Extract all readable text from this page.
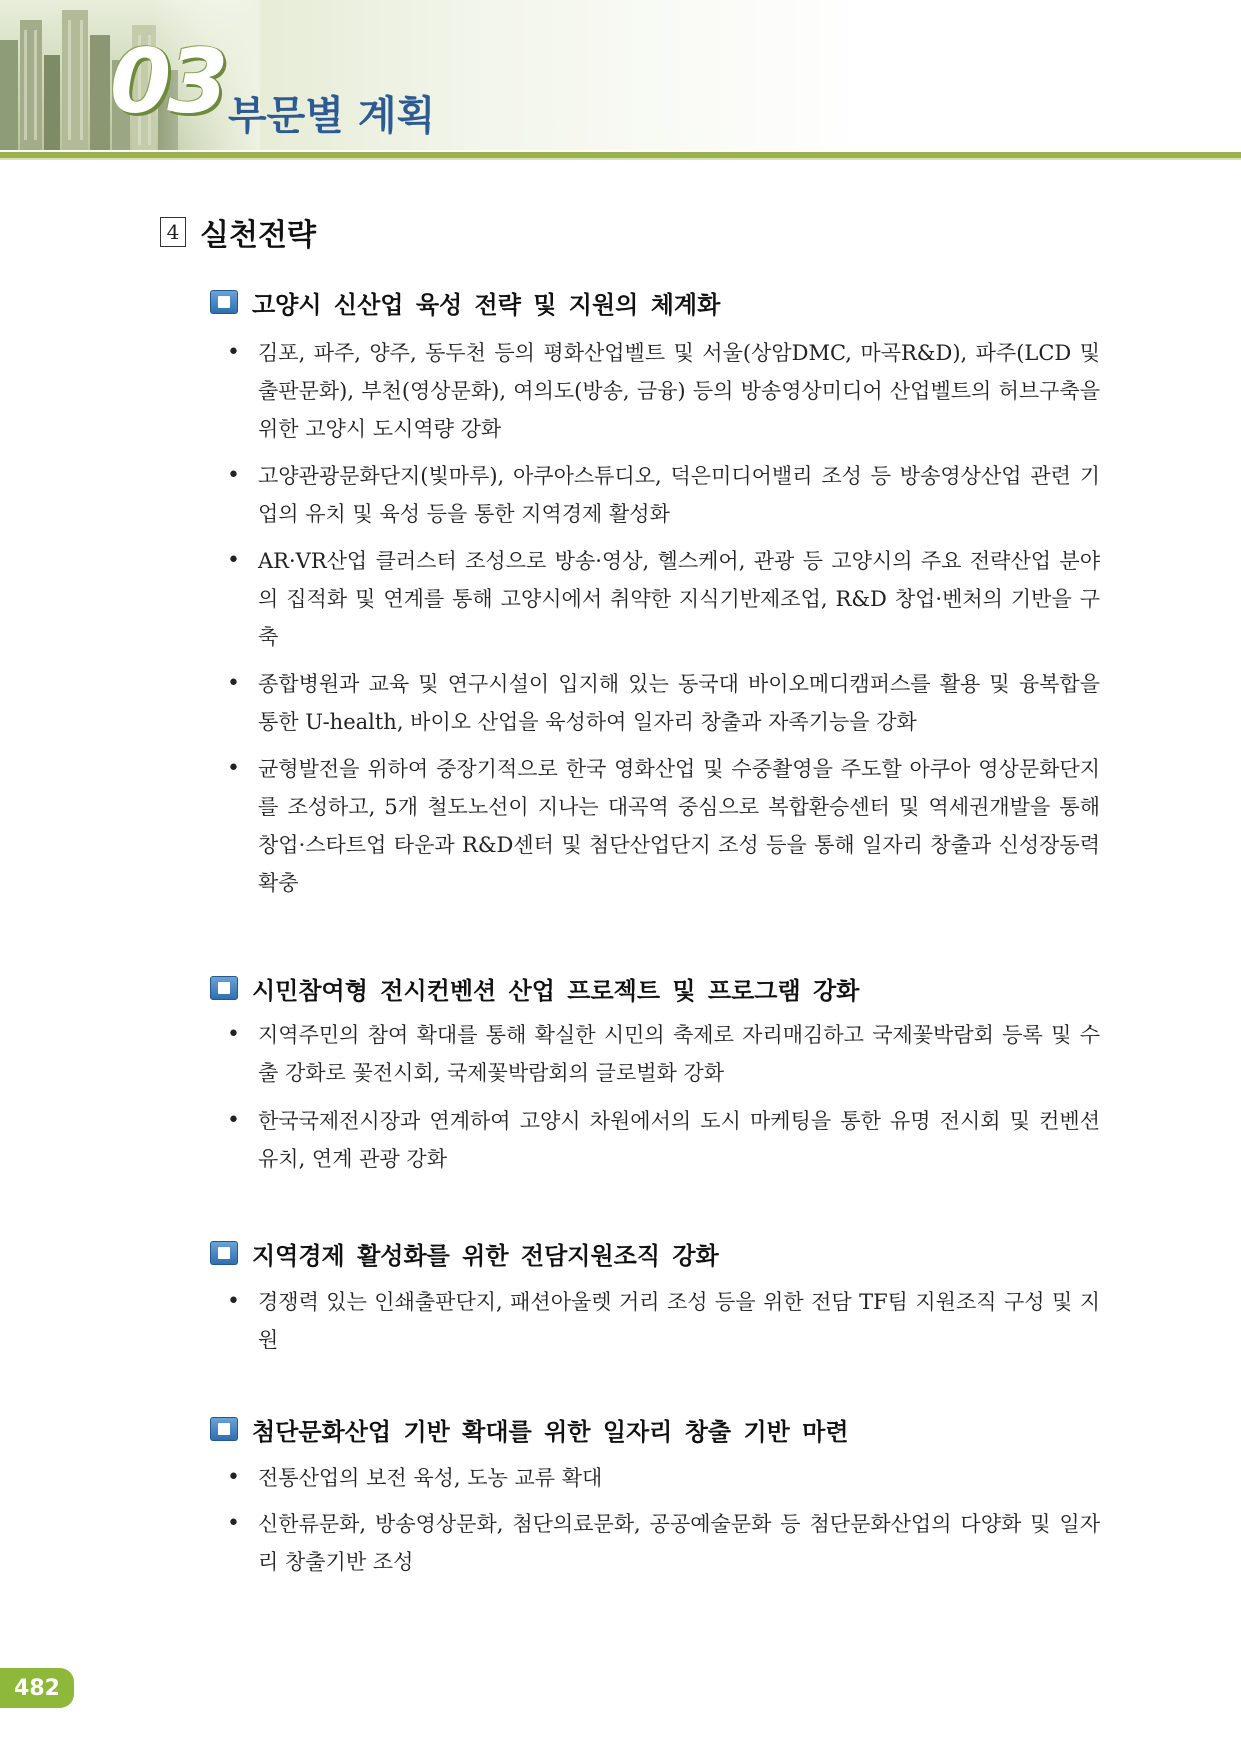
03 부문별 계획
4 실천전략
고양시 신산업 육성 전략 및 지원의 체계화
• 김포, 파주, 양주, 동두천 등의 평화산업벨트 및 서울(상암DMC, 마곡R&D), 파주(LCD 및 출판문화), 부천(영상문화), 여의도(방송, 금융) 등의 방송영상미디어 산업벨트의 허브구축을 위한 고양시 도시역량 강화
• 고양관광문화단지(빛마루), 아쿠아스튜디오, 덕은미디어밸리 조성 등 방송영상산업 관련 기업의 유치 및 육성 등을 통한 지역경제 활성화
• AR·VR산업 클러스터 조성으로 방송·영상, 헬스케어, 관광 등 고양시의 주요 전략산업 분야의 집적화 및 연계를 통해 고양시에서 취약한 지식기반제조업, R&D 창업·벤처의 기반을 구축
• 종합병원과 교육 및 연구시설이 입지해 있는 동국대 바이오메디캠퍼스를 활용 및 융복합을 통한 U-health, 바이오 산업을 육성하여 일자리 창출과 자족기능을 강화
• 균형발전을 위하여 중장기적으로 한국 영화산업 및 수중촬영을 주도할 아쿠아 영상문화단지를 조성하고, 5개 철도노선이 지나는 대곡역 중심으로 복합환승센터 및 역세권개발을 통해 창업·스타트업 타운과 R&D센터 및 첨단산업단지 조성 등을 통해 일자리 창출과 신성장동력 확충
시민참여형 전시컨벤션 산업 프로젝트 및 프로그램 강화
• 지역주민의 참여 확대를 통해 확실한 시민의 축제로 자리매김하고 국제꽃박람회 등록 및 수출 강화로 꽃전시회, 국제꽃박람회의 글로벌화 강화
• 한국국제전시장과 연계하여 고양시 차원에서의 도시 마케팅을 통한 유명 전시회 및 컨벤션 유치, 연계 관광 강화
지역경제 활성화를 위한 전담지원조직 강화
• 경쟁력 있는 인쇄출판단지, 패션아울렛 거리 조성 등을 위한 전담 TF팀 지원조직 구성 및 지원
첨단문화산업 기반 확대를 위한 일자리 창출 기반 마련
• 전통산업의 보전 육성, 도농 교류 확대
• 신한류문화, 방송영상문화, 첨단의료문화, 공공예술문화 등 첨단문화산업의 다양화 및 일자리 창출기반 조성
482
